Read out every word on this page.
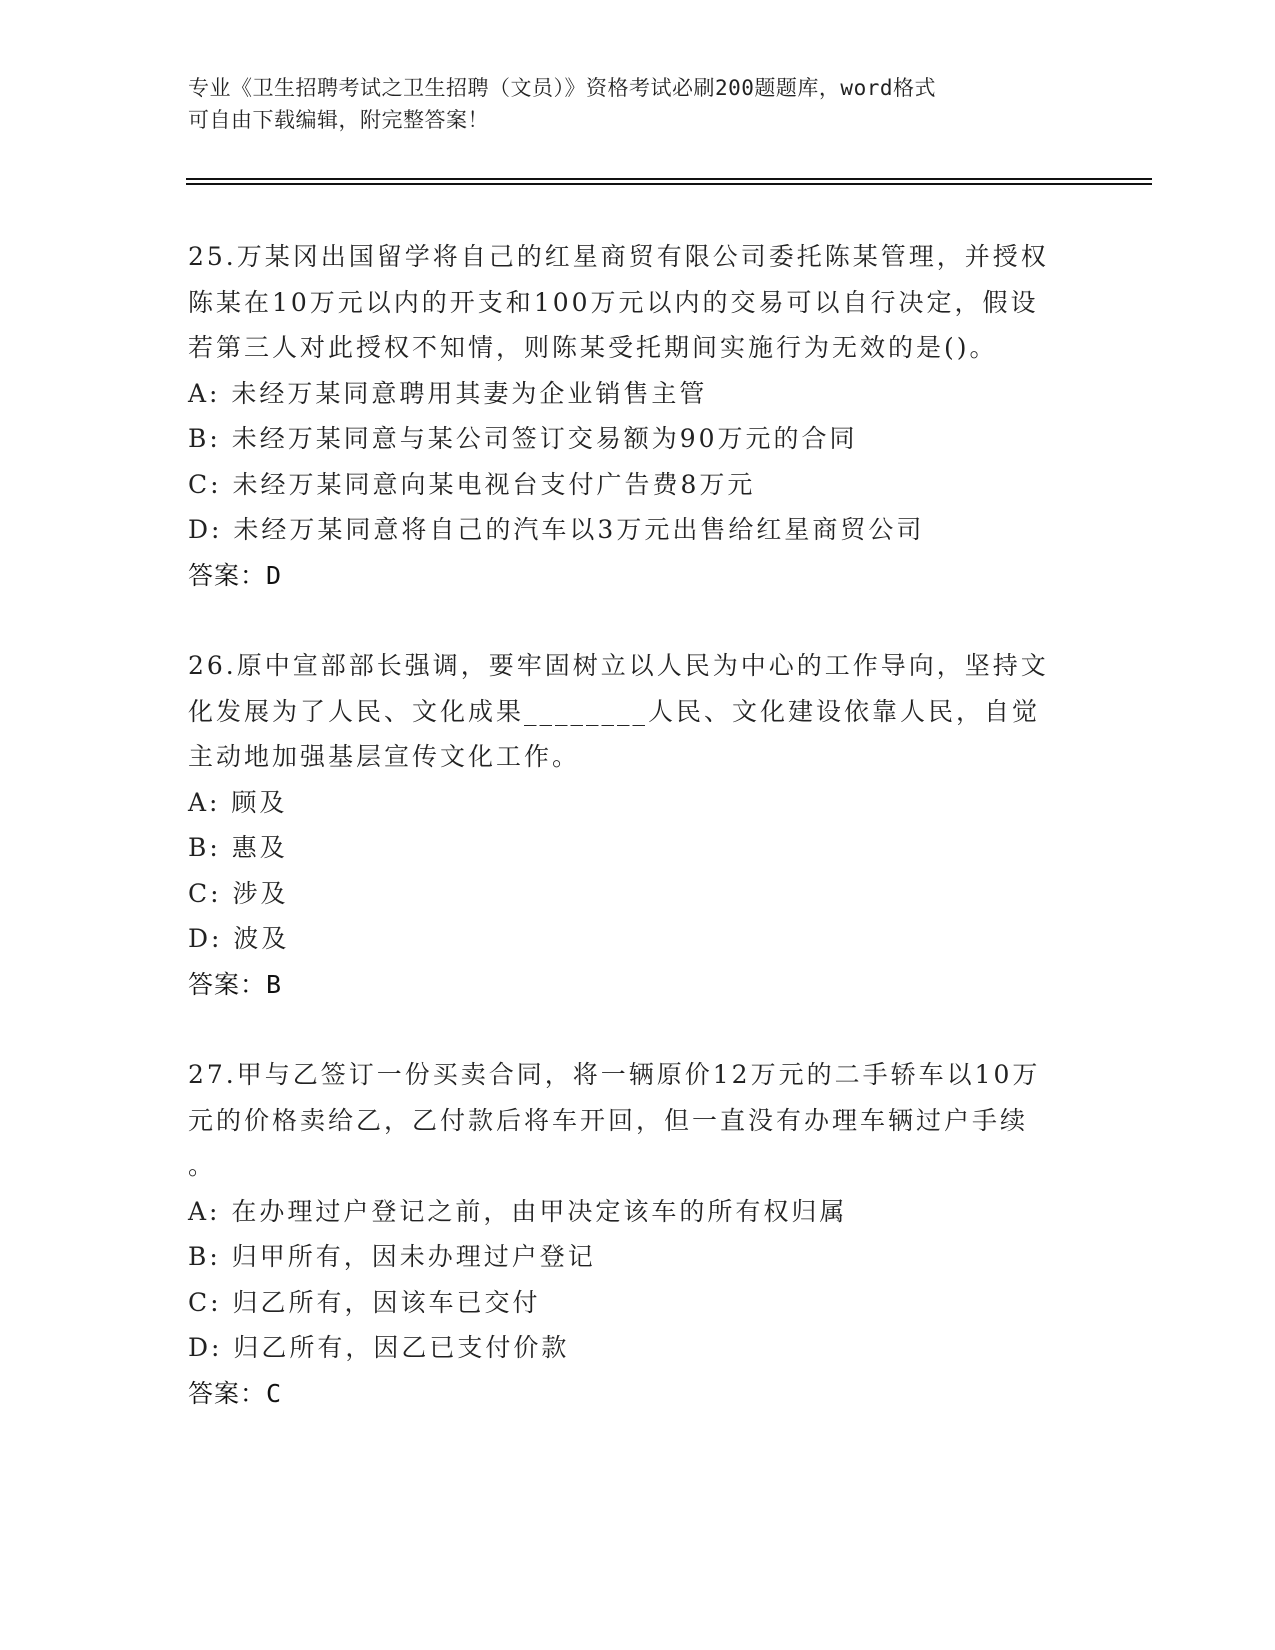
专业《卫生招聘考试之卫生招聘（文员）》资格考试必刷200题题库，word格式
可自由下载编辑，附完整答案！
25.万某冈出国留学将自己的红星商贸有限公司委托陈某管理，并授权
陈某在10万元以内的开支和100万元以内的交易可以自行决定，假设
若第三人对此授权不知情，则陈某受托期间实施行为无效的是()。
A: 未经万某同意聘用其妻为企业销售主管
B: 未经万某同意与某公司签订交易额为90万元的合同
C: 未经万某同意向某电视台支付广告费8万元
D: 未经万某同意将自己的汽车以3万元出售给红星商贸公司
答案：D
26.原中宣部部长强调，要牢固树立以人民为中心的工作导向，坚持文
化发展为了人民、文化成果________人民、文化建设依靠人民，自觉
主动地加强基层宣传文化工作。
A: 顾及
B: 惠及
C: 涉及
D: 波及
答案：B
27.甲与乙签订一份买卖合同，将一辆原价12万元的二手轿车以10万
元的价格卖给乙，乙付款后将车开回，但一直没有办理车辆过户手续
。
A: 在办理过户登记之前，由甲决定该车的所有权归属
B: 归甲所有，因未办理过户登记
C: 归乙所有，因该车已交付
D: 归乙所有，因乙已支付价款
答案：C
